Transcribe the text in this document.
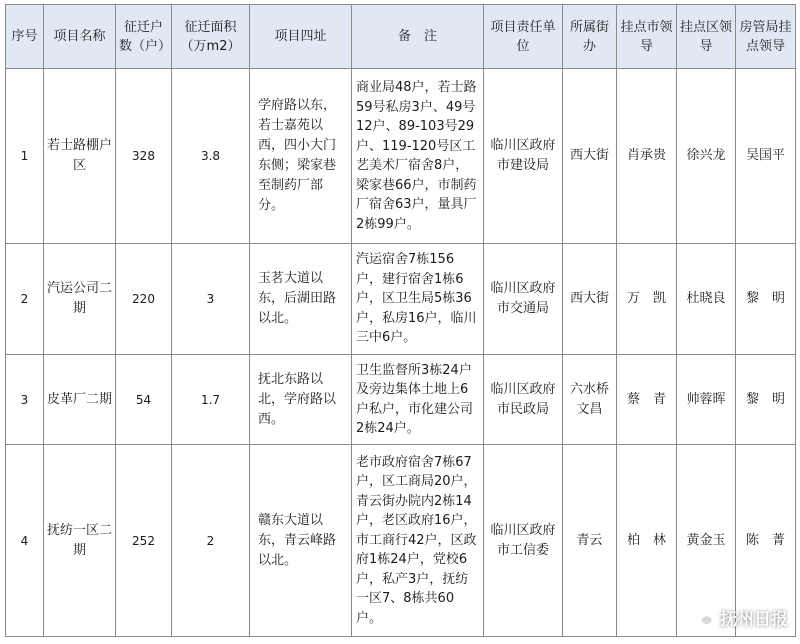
序号	项目名称	征迁户数（户）	征迁面积（万m2）	项目四址	备　注	项目责任单位	所属街办	挂点市领导	挂点区领导	房管局挂点领导
1	若士路棚户区	328	3.8	学府路以东，若士嘉苑以西，四小大门东侧；梁家巷至制药厂部分。	商业局48户，若士路59号私房3户、49号12户、89-103号29户、119-120号区工艺美术厂宿舍8户，梁家巷66户，市制药厂宿舍63户，量具厂2栋99户。	临川区政府市建设局	西大街	肖承贵	徐兴龙	吴国平
2	汽运公司二期	220	3	玉茗大道以东，后湖田路以北。	汽运宿舍7栋156户，建行宿舍1栋6户，区卫生局5栋36户，私房16户，临川三中6户。	临川区政府市交通局	西大街	万　凯	杜晓良	黎　明
3	皮革厂二期	54	1.7	抚北东路以北，学府路以西。	卫生监督所3栋24户及旁边集体土地上6户私户，市化建公司2栋24户。	临川区政府市民政局	六水桥文昌	蔡　青	帅蓉晖	黎　明
4	抚纺一区二期	252	2	赣东大道以东，青云峰路以北。	老市政府宿舍7栋67户，区工商局20户，青云街办院内2栋14户，老区政府16户，市工商行42户，区政府1栋24户，党校6户，私产3户，抚纺一区7、8栋共60户。	临川区政府市工信委	青云	柏　林	黄金玉	陈　菁
抚州日报
